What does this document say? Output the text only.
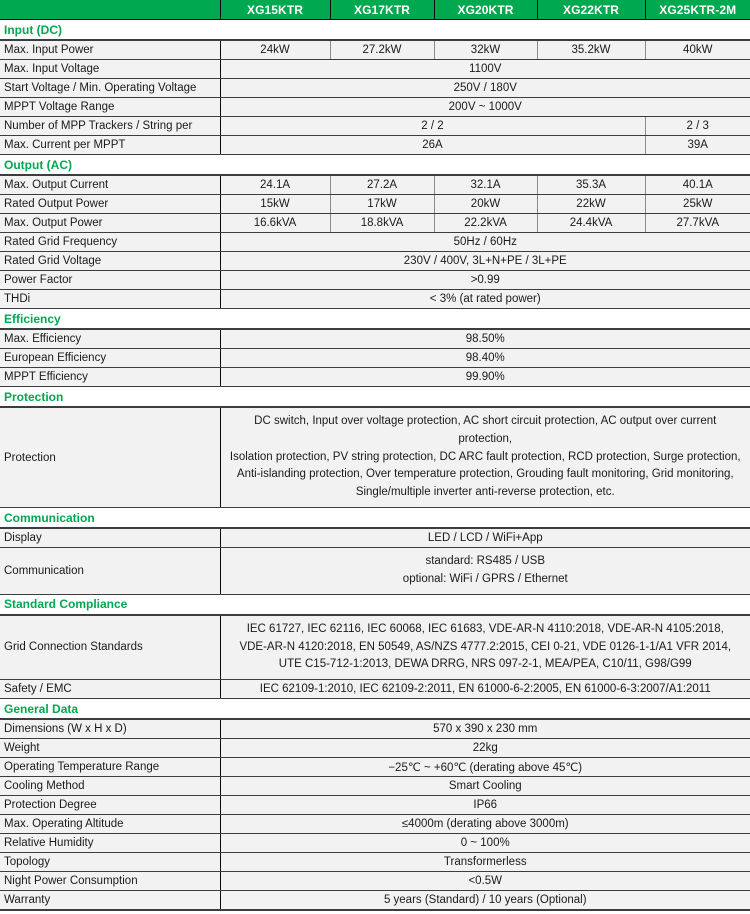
	XG15KTR	XG17KTR	XG20KTR	XG22KTR	XG25KTR-2M
Input (DC)					
Max. Input Power	24kW	27.2kW	32kW	35.2kW	40kW
Max. Input Voltage	1100V				
Start Voltage / Min. Operating Voltage	250V / 180V				
MPPT Voltage Range	200V ~ 1000V				
Number of MPP Trackers / String per	2 / 2				2 / 3
Max. Current per MPPT	26A				39A
Output (AC)					
Max. Output Current	24.1A	27.2A	32.1A	35.3A	40.1A
Rated Output Power	15kW	17kW	20kW	22kW	25kW
Max. Output Power	16.6kVA	18.8kVA	22.2kVA	24.4kVA	27.7kVA
Rated Grid Frequency	50Hz / 60Hz				
Rated Grid Voltage	230V / 400V, 3L+N+PE / 3L+PE				
Power Factor	>0.99				
THDi	< 3% (at rated power)				
Efficiency					
Max. Efficiency	98.50%				
European Efficiency	98.40%				
MPPT Efficiency	99.90%				
Protection					
Protection	DC switch, Input over voltage protection, AC short circuit protection, AC output over current protection,
Isolation protection, PV string protection, DC ARC fault protection, RCD protection, Surge protection,
Anti-islanding protection, Over temperature protection, Grouding fault monitoring, Grid monitoring,
Single/multiple inverter anti-reverse protection, etc.				

Communication					
Display	LED / LCD / WiFi+App				
Communication	standard: RS485 / USB
optional: WiFi / GPRS / Ethernet				

Standard Compliance					
Grid Connection Standards	IEC 61727, IEC 62116, IEC 60068, IEC 61683, VDE-AR-N 4110:2018, VDE-AR-N 4105:2018,
VDE-AR-N 4120:2018, EN 50549, AS/NZS 4777.2:2015, CEI 0-21, VDE 0126-1-1/A1 VFR 2014,
UTE C15-712-1:2013, DEWA DRRG, NRS 097-2-1, MEA/PEA, C10/11, G98/G99				

Safety / EMC	IEC 62109-1:2010, IEC 62109-2:2011, EN 61000-6-2:2005, EN 61000-6-3:2007/A1:2011				
General Data					
Dimensions (W x H x D)	570 x 390 x 230 mm				
Weight	22kg				
Operating Temperature Range	−25℃ ~ +60℃ (derating above 45℃)				
Cooling Method	Smart Cooling				
Protection Degree	IP66				
Max. Operating Altitude	≤4000m (derating above 3000m)				
Relative Humidity	0 ~ 100%				
Topology	Transformerless				
Night Power Consumption	<0.5W				
Warranty	5 years (Standard) / 10 years (Optional)				
